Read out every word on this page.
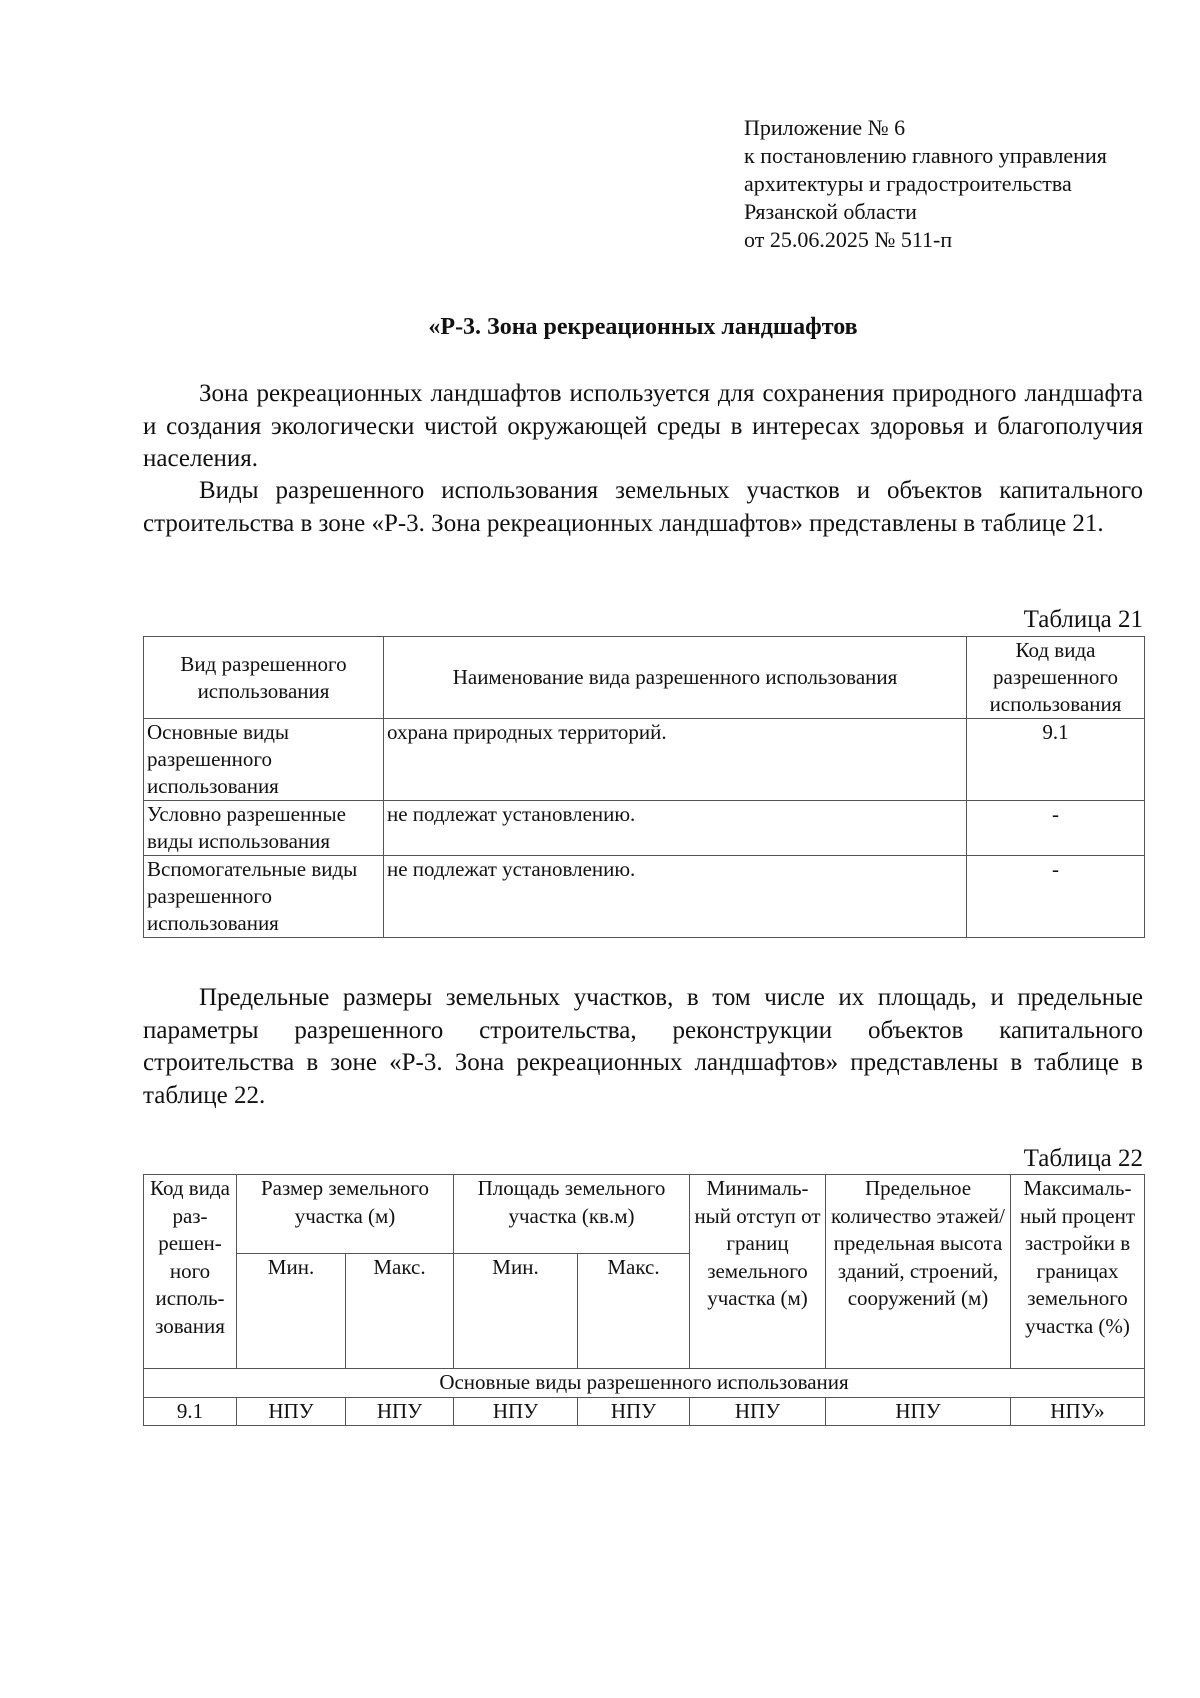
Приложение № 6
к постановлению главного управления
архитектуры и градостроительства
Рязанской области
от 25.06.2025 № 511-п
«Р-3. Зона рекреационных ландшафтов

Зона рекреационных ландшафтов используется для сохранения природного ландшафта и создания экологически чистой окружающей среды в интересах здоровья и благополучия населения.

Виды разрешенного использования земельных участков и объектов капитального строительства в зоне «Р-3. Зона рекреационных ландшафтов» представлены в таблице 21.

Таблица 21
Вид разрешенного использования	Наименование вида разрешенного использования	Код вида разрешенного использования
Основные виды разрешенного использования	охрана природных территорий.	9.1
Условно разрешенные виды использования	не подлежат установлению.	-
Вспомогательные виды разрешенного использования	не подлежат установлению.	-

Предельные размеры земельных участков, в том числе их площадь, и предельные параметры разрешенного строительства, реконструкции объектов капитального строительства в зоне «Р-3. Зона рекреационных ландшафтов» представлены в таблице в таблице 22.

Таблица 22
Код вида раз-решен-ного исполь-зования	Размер земельного участка (м)		Площадь земельного участка (кв.м)		Минималь-ный отступ от границ земельного участка (м)	Предельное количество этажей/ предельная высота зданий, строений, сооружений (м)	Максималь-ный процент застройки в границах земельного участка (%)
	Мин.	Макс.	Мин.	Макс.			
Основные виды разрешенного использования							
9.1	НПУ	НПУ	НПУ	НПУ	НПУ	НПУ	НПУ»
